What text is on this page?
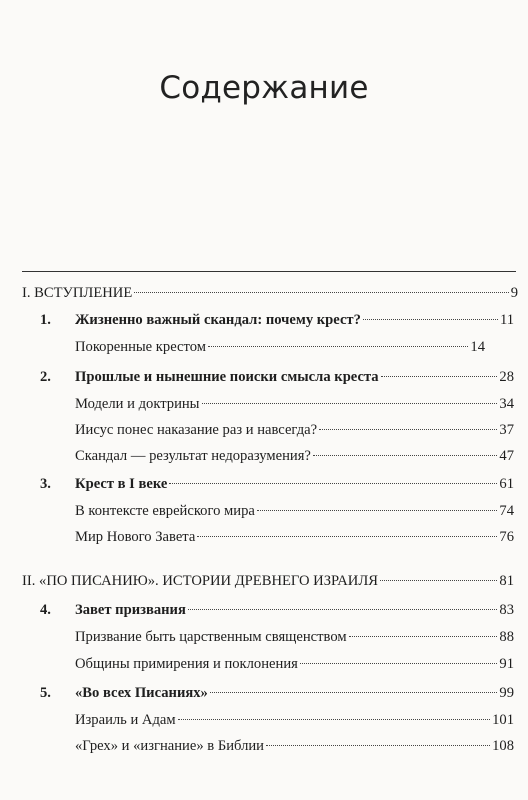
Содержание
I. ВСТУПЛЕНИЕ	9
1.	Жизненно важный скандал: почему крест?	11
Покоренные крестом	14
2.	Прошлые и нынешние поиски смысла креста	28
Модели и доктрины	34
Иисус понес наказание раз и навсегда?	37
Скандал — результат недоразумения?	47
3.	Крест в I веке	61
В контексте еврейского мира	74
Мир Нового Завета	76
II. «ПО ПИСАНИЮ». ИСТОРИИ ДРЕВНЕГО ИЗРАИЛЯ	81
4.	Завет призвания	83
Призвание быть царственным священством	88
Общины примирения и поклонения	91
5.	«Во всех Писаниях»	99
Израиль и Адам	101
«Грех» и «изгнание» в Библии	108
